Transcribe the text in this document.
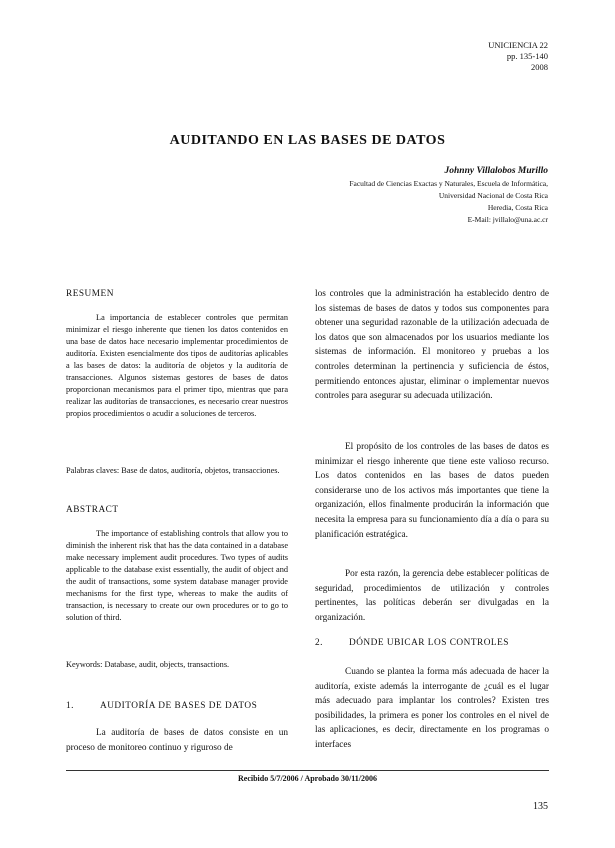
UNICIENCIA 22
pp. 135-140
2008
AUDITANDO EN LAS BASES DE DATOS
Johnny Villalobos Murillo
Facultad de Ciencias Exactas y Naturales, Escuela de Informática,
Universidad Nacional de Costa Rica
Heredia, Costa Rica
E-Mail: jvillalo@una.ac.cr
RESUMEN

La importancia de establecer controles que permitan minimizar el riesgo inherente que tienen los datos contenidos en una base de datos hace necesario implementar procedimientos de auditoría. Existen esencialmente dos tipos de auditorías aplicables a las bases de datos: la auditoría de objetos y la auditoría de transacciones. Algunos sistemas gestores de bases de datos proporcionan mecanismos para el primer tipo, mientras que para realizar las auditorías de transacciones, es necesario crear nuestros propios procedimientos o acudir a soluciones de terceros.

Palabras claves: Base de datos, auditoría, objetos, transacciones.

ABSTRACT

The importance of establishing controls that allow you to diminish the inherent risk that has the data contained in a database make necessary implement audit procedures. Two types of audits applicable to the database exist essentially, the audit of object and the audit of transactions, some system database manager provide mechanisms for the first type, whereas to make the audits of transaction, is necessary to create our own procedures or to go to solution of third.

Keywords: Database, audit, objects, transactions.

1.	AUDITORÍA DE BASES DE DATOS

La auditoría de bases de datos consiste en un proceso de monitoreo continuo y riguroso de

los controles que la administración ha establecido dentro de los sistemas de bases de datos y todos sus componentes para obtener una seguridad razonable de la utilización adecuada de los datos que son almacenados por los usuarios mediante los sistemas de información. El monitoreo y pruebas a los controles determinan la pertinencia y suficiencia de éstos, permitiendo entonces ajustar, eliminar o implementar nuevos controles para asegurar su adecuada utilización.

El propósito de los controles de las bases de datos es minimizar el riesgo inherente que tiene este valioso recurso. Los datos contenidos en las bases de datos pueden considerarse uno de los activos más importantes que tiene la organización, ellos finalmente producirán la información que necesita la empresa para su funcionamiento día a día o para su planificación estratégica.

Por esta razón, la gerencia debe establecer políticas de seguridad, procedimientos de utilización y controles pertinentes, las políticas deberán ser divulgadas en la organización.

2.	DÓNDE UBICAR LOS CONTROLES

Cuando se plantea la forma más adecuada de hacer la auditoría, existe además la interrogante de ¿cuál es el lugar más adecuado para implantar los controles? Existen tres posibilidades, la primera es poner los controles en el nivel de las aplicaciones, es decir, directamente en los programas o interfaces

Recibido 5/7/2006 / Aprobado 30/11/2006
135
